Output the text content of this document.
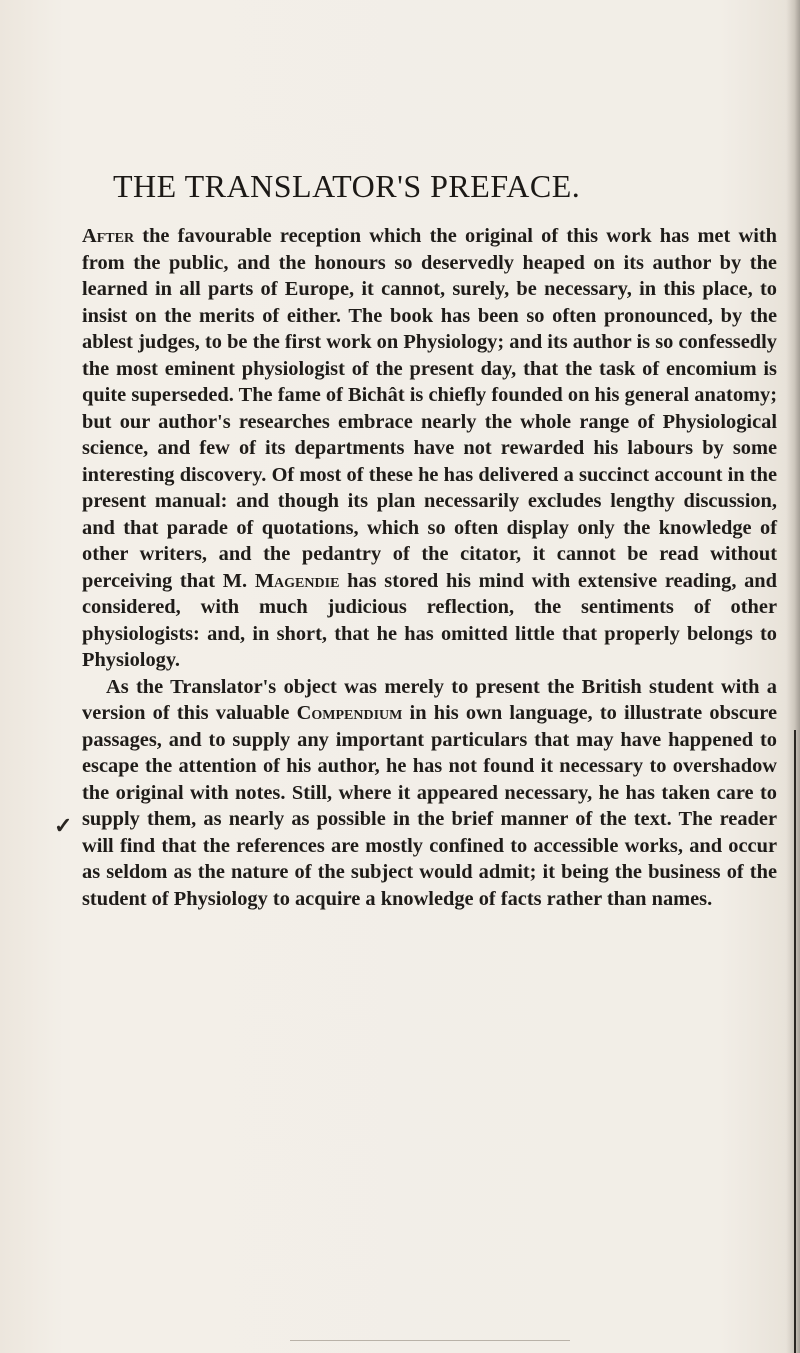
THE TRANSLATOR'S PREFACE.

After the favourable reception which the original of this work has met with from the public, and the honours so deservedly heaped on its author by the learned in all parts of Europe, it cannot, surely, be necessary, in this place, to insist on the merits of either. The book has been so often pronounced, by the ablest judges, to be the first work on Physiology; and its author is so confessedly the most eminent physiologist of the present day, that the task of encomium is quite superseded. The fame of Bichât is chiefly founded on his general anatomy; but our author's researches embrace nearly the whole range of Physiological science, and few of its departments have not rewarded his labours by some interesting discovery. Of most of these he has delivered a succinct account in the present manual: and though its plan necessarily excludes lengthy discussion, and that parade of quotations, which so often display only the knowledge of other writers, and the pedantry of the citator, it cannot be read without perceiving that M. Magendie has stored his mind with extensive reading, and considered, with much judicious reflection, the sentiments of other physiologists: and, in short, that he has omitted little that properly belongs to Physiology.

As the Translator's object was merely to present the British student with a version of this valuable Compendium in his own language, to illustrate obscure passages, and to supply any important particulars that may have happened to escape the attention of his author, he has not found it necessary to overshadow the original with notes. Still, where it appeared necessary, he has taken care to supply them, as nearly as possible in the brief manner of the text. The reader will find that the references are mostly confined to accessible works, and occur as seldom as the nature of the subject would admit; it being the business of the student of Physiology to acquire a knowledge of facts rather than names.

✓
